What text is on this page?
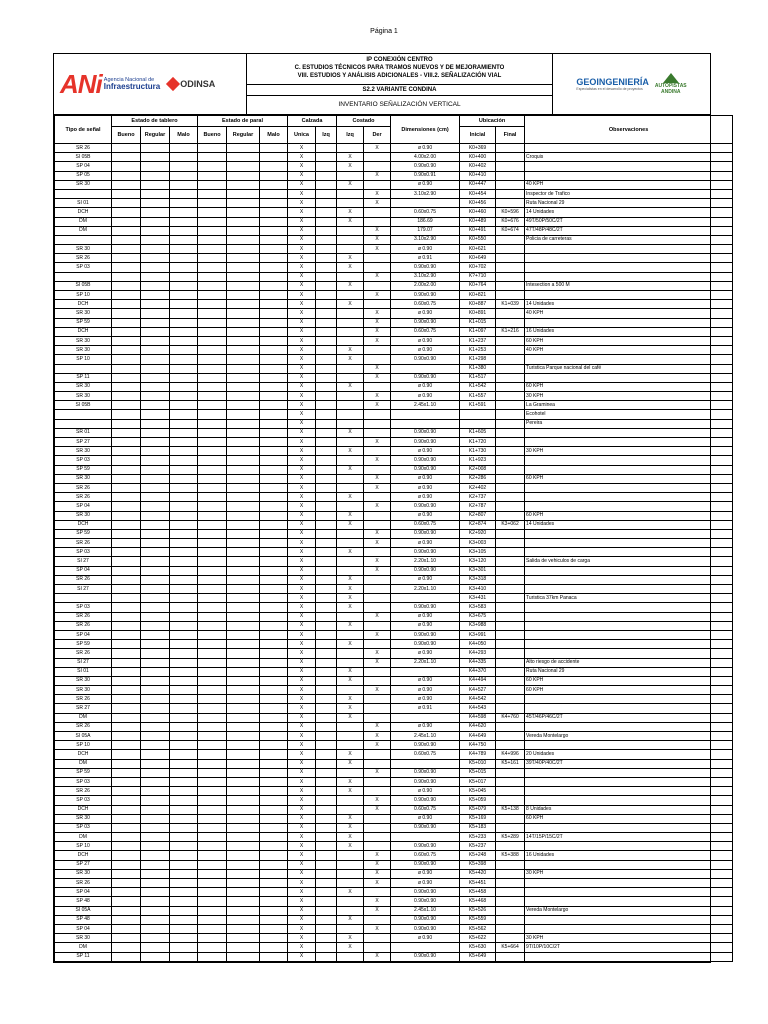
Página 1
ANi Agencia Nacional de
Infraestructura ODINSA
IP CONEXIÓN CENTRO
C. ESTUDIOS TÉCNICOS PARA TRAMOS NUEVOS Y DE MEJORAMIENTO
VIII. ESTUDIOS Y ANÁLISIS ADICIONALES - VIII.2. SEÑALIZACIÓN VIAL
S2.2 VARIANTE CONDINA
INVENTARIO SEÑALIZACIÓN VERTICAL
GEOINGENIERÍA
Especialistas en el desarrollo de proyectos	AUTOPISTAS
ANDINA
Tipo de señal	Estado de tablero			Estado de paral			Calzada		Costado		Dimensiones (cm)	Ubicación		Observaciones
	Bueno	Regular	Malo	Bueno	Regular	Malo	Unica	Izq	Izq	Der		Inicial	Final	
SR 26							X			X	ø 0.90	K0+369		
SI 05B							X		X		4.00x2.00	K0+400		Croquis
SP 04							X		X		0.90x0.90	K0+402		
SP 05							X			X	0.90x0.91	K0+410		
SR 30							X		X		ø 0.90	K0+447		40 KPH
							X			X	3.10x2.90	K0+454		Inspector de Trafico
SI 01							X			X		K0+456		Ruta Nacional 29
DCH							X		X		0.60x0.75	K0+460	K0+596	14 Unidades
DM							X		X		186.69	K0+489	K0+676	49T/50P/50C/2T
DM							X			X	179.07	K0+491	K0+674	47T/48P/48C/2T
							X			X	3.10x2.90	K0+550		Policia de carreteras
SR 30							X			X	ø 0.90	K0+621		
SR 26							X		X		ø 0.91	K0+649		
SP 03							X		X		0.90x0.90	K0+702		
							X			X	3.10x2.90	K?+710		
SI 05B							X		X		2.00x2.00	K0+764		Intesection a 500 M
SP 10							X			X	0.90x0.90	K0+821		
DCH							X		X		0.60x0.75	K0+887	K1+039	14 Unidades
SR 30							X			X	ø 0.90	K0+891		40 KPH
SP 59							X			X	0.90x0.90	K1+015		
DCH							X			X	0.60x0.75	K1+097	K1+216	16 Unidades
SR 30							X			X	ø 0.90	K1+237		60 KPH
SR 30							X		X		ø 0.90	K1+253		40 KPH
SP 10							X		X		0.90x0.90	K1+298		
							X			X		K1+380		Turistica Parque nacional del café
SP 11							X			X	0.90x0.90	K1+517		
SR 30							X		X		ø 0.90	K1+542		60 KPH
SR 30							X			X	ø 0.90	K1+557		30 KPH
SI 05B							X			X	2.45x1.10	K1+591		La Graminea
							X							Ecohotel
							X							Pereira
SR 01							X		X		0.90x0.90	K1+605		
SP 27							X			X	0.90x0.90	K1+720		
SR 30							X		X		ø 0.90	K1+730		30 KPH
SP 03							X			X	0.90x0.90	K1+923		
SP 59							X		X		0.90x0.90	K2+008		
SR 30							X			X	ø 0.90	K2+286		60 KPH
SR 26							X			X	ø 0.90	K2+402		
SR 26							X		X		ø 0.90	K2+737		
SP 04							X			X	0.90x0.90	K2+787		
SR 30							X		X		ø 0.90	K2+807		60 KPH
DCH							X		X		0.60x0.75	K2+874	K3+062	14 Unidades
SP 59							X			X	0.90x0.90	K2+920		
SR 26							X			X	ø 0.90	K3+003		
SP 03							X		X		0.90x0.90	K3+105		
SI 27							X			X	2.20x1.10	K3+120		Salida de vehiculos de carga
SP 04							X			X	0.90x0.90	K3+301		
SR 26							X		X		ø 0.90	K3+318		
SI 27							X		X		2.20x1.10	K3+410		
							X		X			K3+431		Turistica 37km Panaca
SP 03							X		X		0.90x0.90	K3+583		
SR 26							X			X	ø 0.90	K3+675		
SR 26							X		X		ø 0.90	K3+988		
SP 04							X			X	0.90x0.90	K3+991		
SP 59							X		X		0.90x0.90	K4+050		
SR 26							X			X	ø 0.90	K4+293		
SI 27							X			X	2.20x1.10	K4+335		Alto riesgo de accidente
SI 01							X		X			K4+370		Ruta Nacional 29
SR 30							X		X		ø 0.90	K4+494		60 KPH
SR 30							X			X	ø 0.90	K4+527		60 KPH
SR 26							X		X		ø 0.90	K4+542		
SR 27							X		X		ø 0.91	K4+543		
DM							X		X			K4+598	K4+760	45T/46P/46C/2T
SR 26							X			X	ø 0.90	K4+620		
SI 05A							X			X	2.45x1.10	K4+649		Vereda Montelargo
SP 10							X			X	0.90x0.90	K4+750		
DCH							X		X		0.60x0.75	K4+789	K4+996	20 Unidades
DM							X		X			K5+010	K5+161	39T/40P/40C/2T
SP 59							X			X	0.90x0.90	K5+015		
SP 03							X		X		0.90x0.90	K5+017		
SR 26							X		X		ø 0.90	K5+045		
SP 03							X			X	0.90x0.90	K5+059		
DCH							X			X	0.60x0.75	K5+079	K5+138	8 Unidades
SR 30							X		X		ø 0.90	K5+169		60 KPH
SP 03							X		X		0.90x0.90	K5+183		
DM							X		X			K5+233	K5+289	14T/15P/15C/2T
SP 10							X		X		0.90x0.90	K5+237		
DCH							X			X	0.60x0.75	K5+248	K5+388	16 Unidades
SP 27							X			X	0.90x0.90	K5+398		
SR 30							X			X	ø 0.90	K5+420		30 KPH
SR 26							X			X	ø 0.90	K5+451		
SP 04							X		X		0.90x0.90	K5+458		
SP 48							X			X	0.90x0.90	K5+468		
SI 05A							X			X	2.45x1.10	K5+526		Vereda Montelargo
SP 48							X		X		0.90x0.90	K5+559		
SP 04							X			X	0.90x0.90	K5+562		
SR 30							X		X		ø 0.90	K5+622		30 KPH
DM							X		X			K5+630	K5+664	9T/10P/10C/2T
SP 11							X			X	0.90x0.90	K5+649		
